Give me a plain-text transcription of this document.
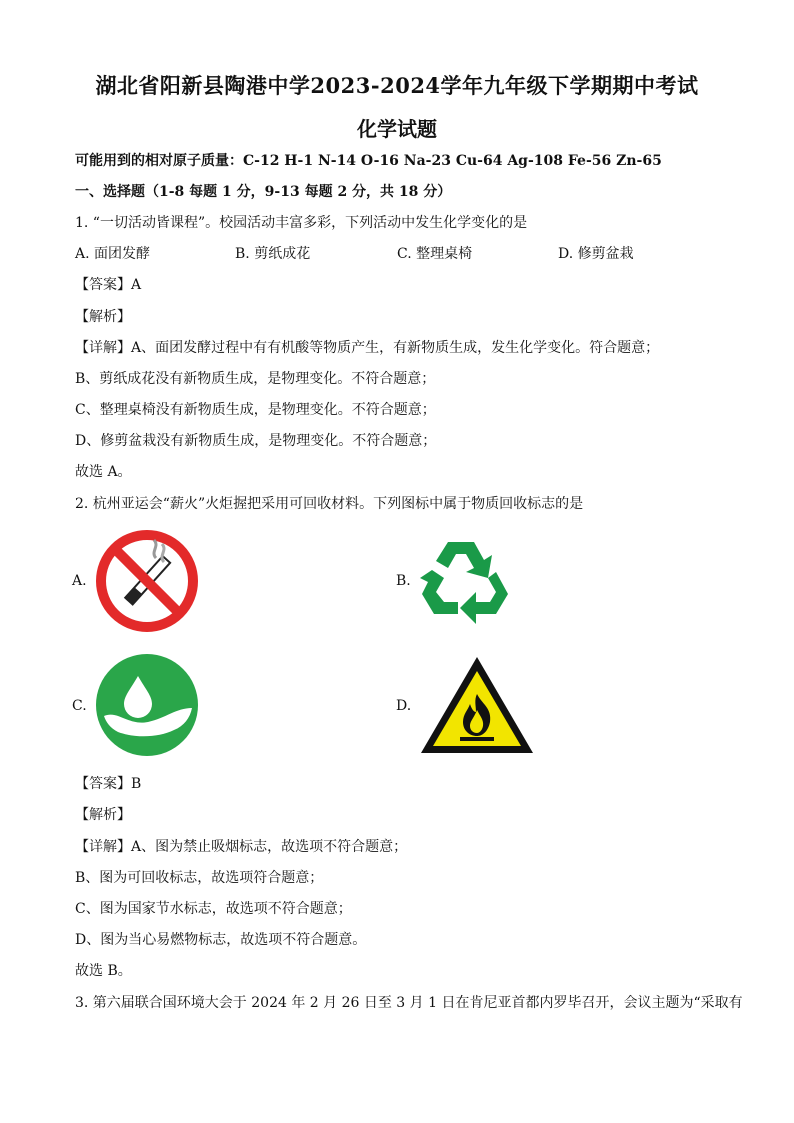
湖北省阳新县陶港中学2023-2024学年九年级下学期期中考试
化学试题
可能用到的相对原子质量：C-12 H-1 N-14 O-16 Na-23 Cu-64 Ag-108 Fe-56 Zn-65
一、选择题（1-8 每题 1 分，9-13 每题 2 分，共 18 分）
1. “一切活动皆课程”。校园活动丰富多彩，下列活动中发生化学变化的是
A. 面团发酵	B. 剪纸成花	C. 整理桌椅	D. 修剪盆栽
【答案】A
【解析】
【详解】A、面团发酵过程中有有机酸等物质产生，有新物质生成，发生化学变化。符合题意；
B、剪纸成花没有新物质生成，是物理变化。不符合题意；
C、整理桌椅没有新物质生成，是物理变化。不符合题意；
D、修剪盆栽没有新物质生成，是物理变化。不符合题意；
故选 A。
2. 杭州亚运会“薪火”火炬握把采用可回收材料。下列图标中属于物质回收标志的是
A.	B.
C.	D.
【答案】B
【解析】
【详解】A、图为禁止吸烟标志，故选项不符合题意；
B、图为可回收标志，故选项符合题意；
C、图为国家节水标志，故选项不符合题意；
D、图为当心易燃物标志，故选项不符合题意。
故选 B。
3. 第六届联合国环境大会于 2024 年 2 月 26 日至 3 月 1 日在肯尼亚首都内罗毕召开，会议主题为“采取有
